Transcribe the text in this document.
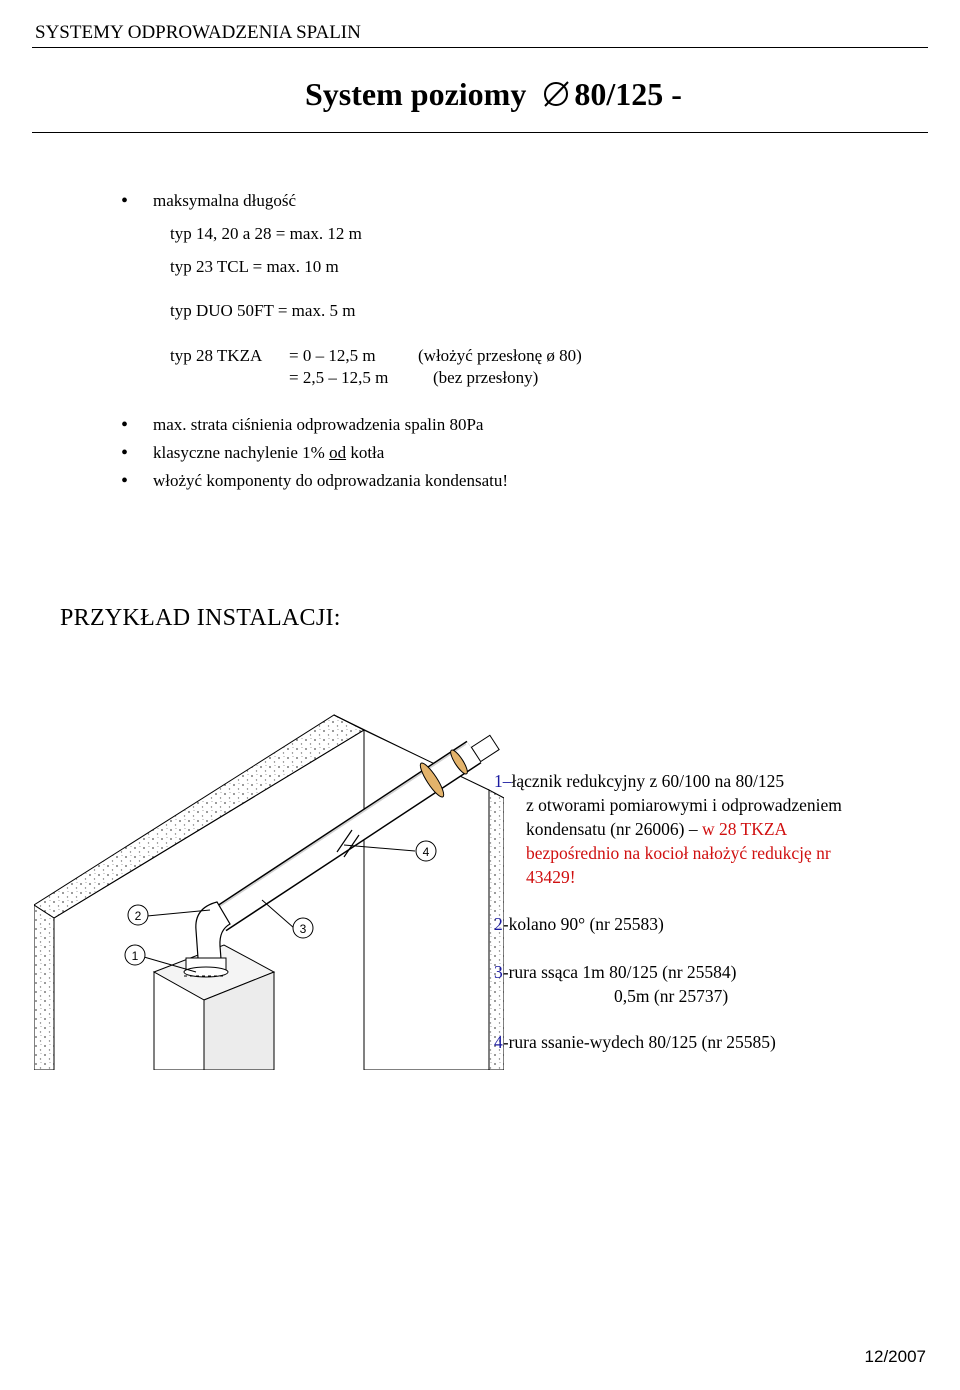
SYSTEMY ODPROWADZENIA SPALIN
System poziomy 80/125 -
• maksymalna długość
typ 14, 20 a 28 = max. 12 m
typ 23 TCL = max. 10 m
typ DUO 50FT = max. 5 m
typ 28 TKZA = 0 – 12,5 m (włożyć przesłonę ø 80)
= 2,5 – 12,5 m	(bez przesłony)
• max. strata ciśnienia odprowadzenia spalin 80Pa
• klasyczne nachylenie 1% od kotła
• włożyć komponenty do odprowadzania kondensatu!
PRZYKŁAD INSTALACJI:
4
3
2
1
1–łącznik redukcyjny z 60/100 na 80/125
z otworami pomiarowymi i odprowadzeniem
kondensatu (nr 26006) – w 28 TKZA
bezpośrednio na kocioł nałożyć redukcję nr
43429!
2-kolano 90° (nr 25583)
3-rura ssąca 1m 80/125 (nr 25584)
0,5m (nr 25737)
4-rura ssanie-wydech 80/125 (nr 25585)
12/2007
